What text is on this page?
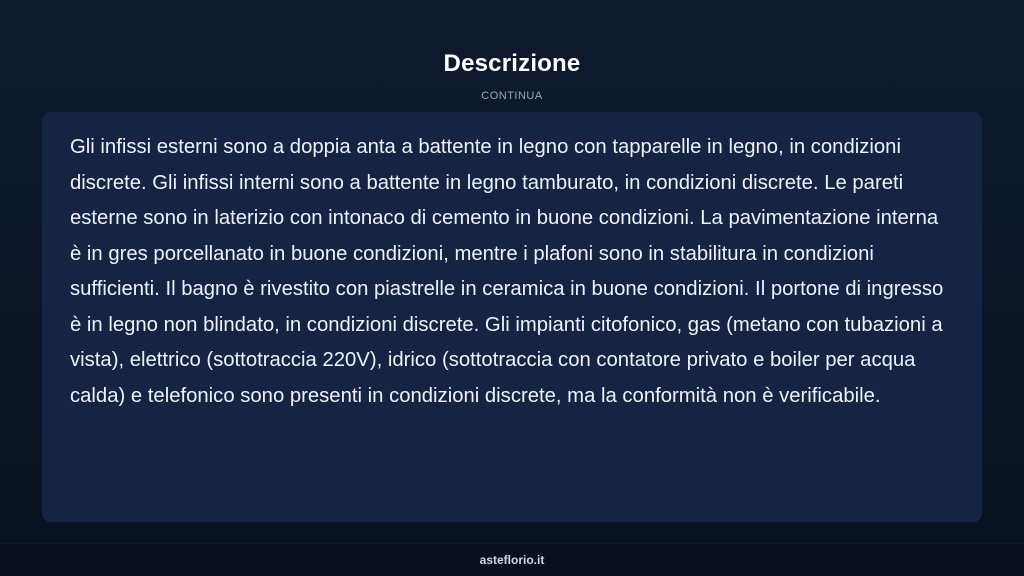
Descrizione
CONTINUA

Gli infissi esterni sono a doppia anta a battente in legno con tapparelle in legno, in condizioni discrete. Gli infissi interni sono a battente in legno tamburato, in condizioni discrete. Le pareti esterne sono in laterizio con intonaco di cemento in buone condizioni. La pavimentazione interna è in gres porcellanato in buone condizioni, mentre i plafoni sono in stabilitura in condizioni sufficienti. Il bagno è rivestito con piastrelle in ceramica in buone condizioni. Il portone di ingresso è in legno non blindato, in condizioni discrete. Gli impianti citofonico, gas (metano con tubazioni a vista), elettrico (sottotraccia 220V), idrico (sottotraccia con contatore privato e boiler per acqua calda) e telefonico sono presenti in condizioni discrete, ma la conformità non è verificabile.

asteflorio.it
